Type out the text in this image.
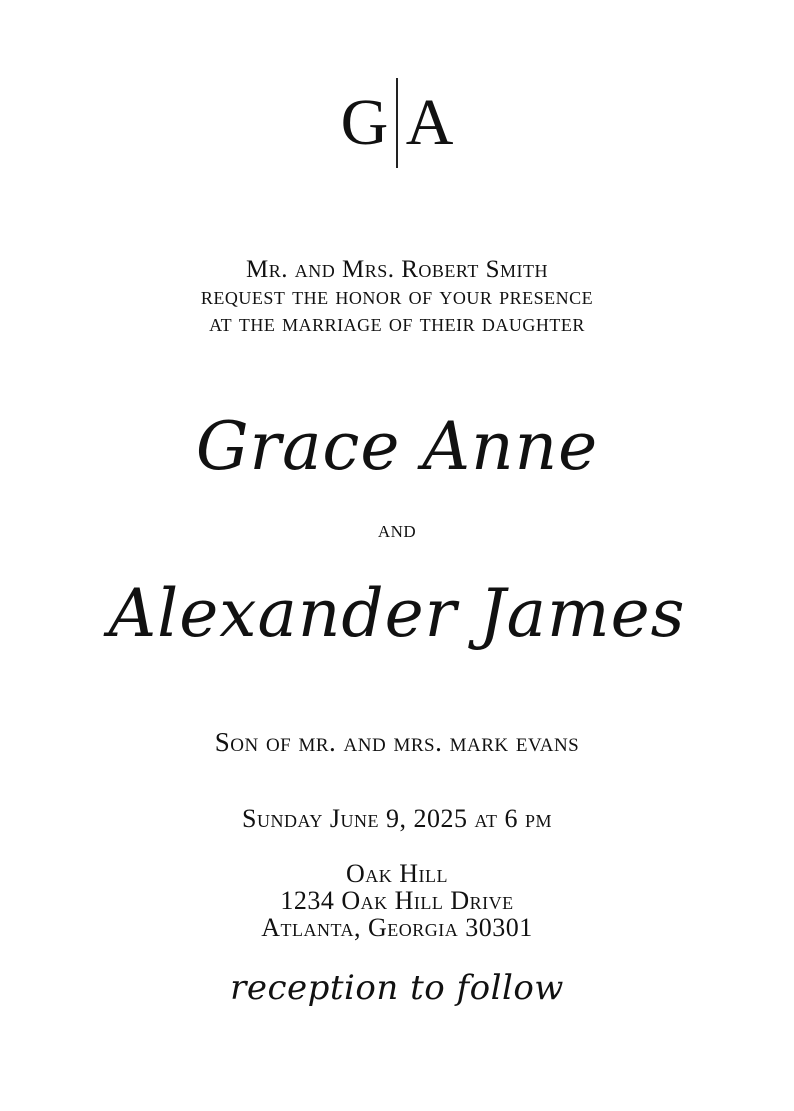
G A
Mr. and Mrs. Robert Smith
request the honor of your presence
at the marriage of their daughter
Grace Anne
and
Alexander James
Son of mr. and mrs. mark evans
Sunday June 9, 2025 at 6 pm
Oak Hill
1234 Oak Hill Drive
Atlanta, Georgia 30301
reception to follow
